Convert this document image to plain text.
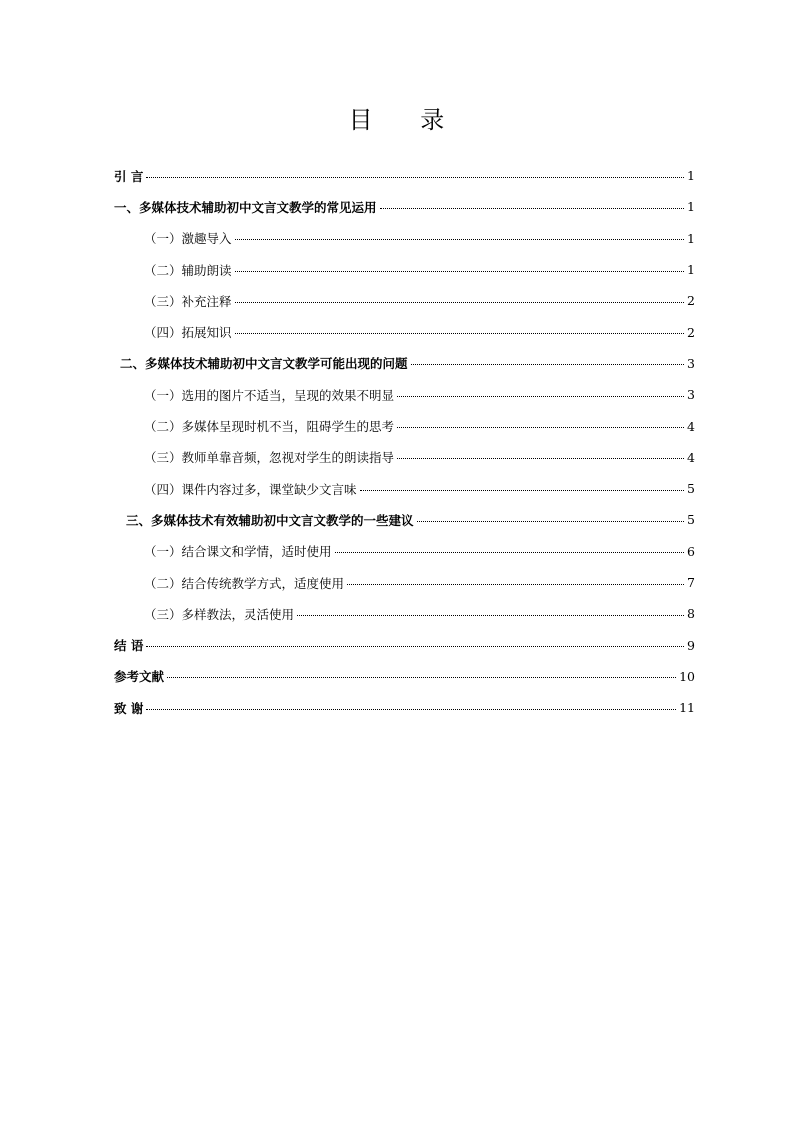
目 录
引 言	1
一、多媒体技术辅助初中文言文教学的常见运用	1
（一）激趣导入	1
（二）辅助朗读	1
（三）补充注释	2
（四）拓展知识	2
二、多媒体技术辅助初中文言文教学可能出现的问题	3
（一）选用的图片不适当，呈现的效果不明显	3
（二）多媒体呈现时机不当，阻碍学生的思考	4
（三）教师单靠音频，忽视对学生的朗读指导	4
（四）课件内容过多，课堂缺少文言味	5
三、多媒体技术有效辅助初中文言文教学的一些建议	5
（一）结合课文和学情，适时使用	6
（二）结合传统教学方式，适度使用	7
（三）多样教法，灵活使用	8
结 语	9
参考文献	10
致 谢	11
